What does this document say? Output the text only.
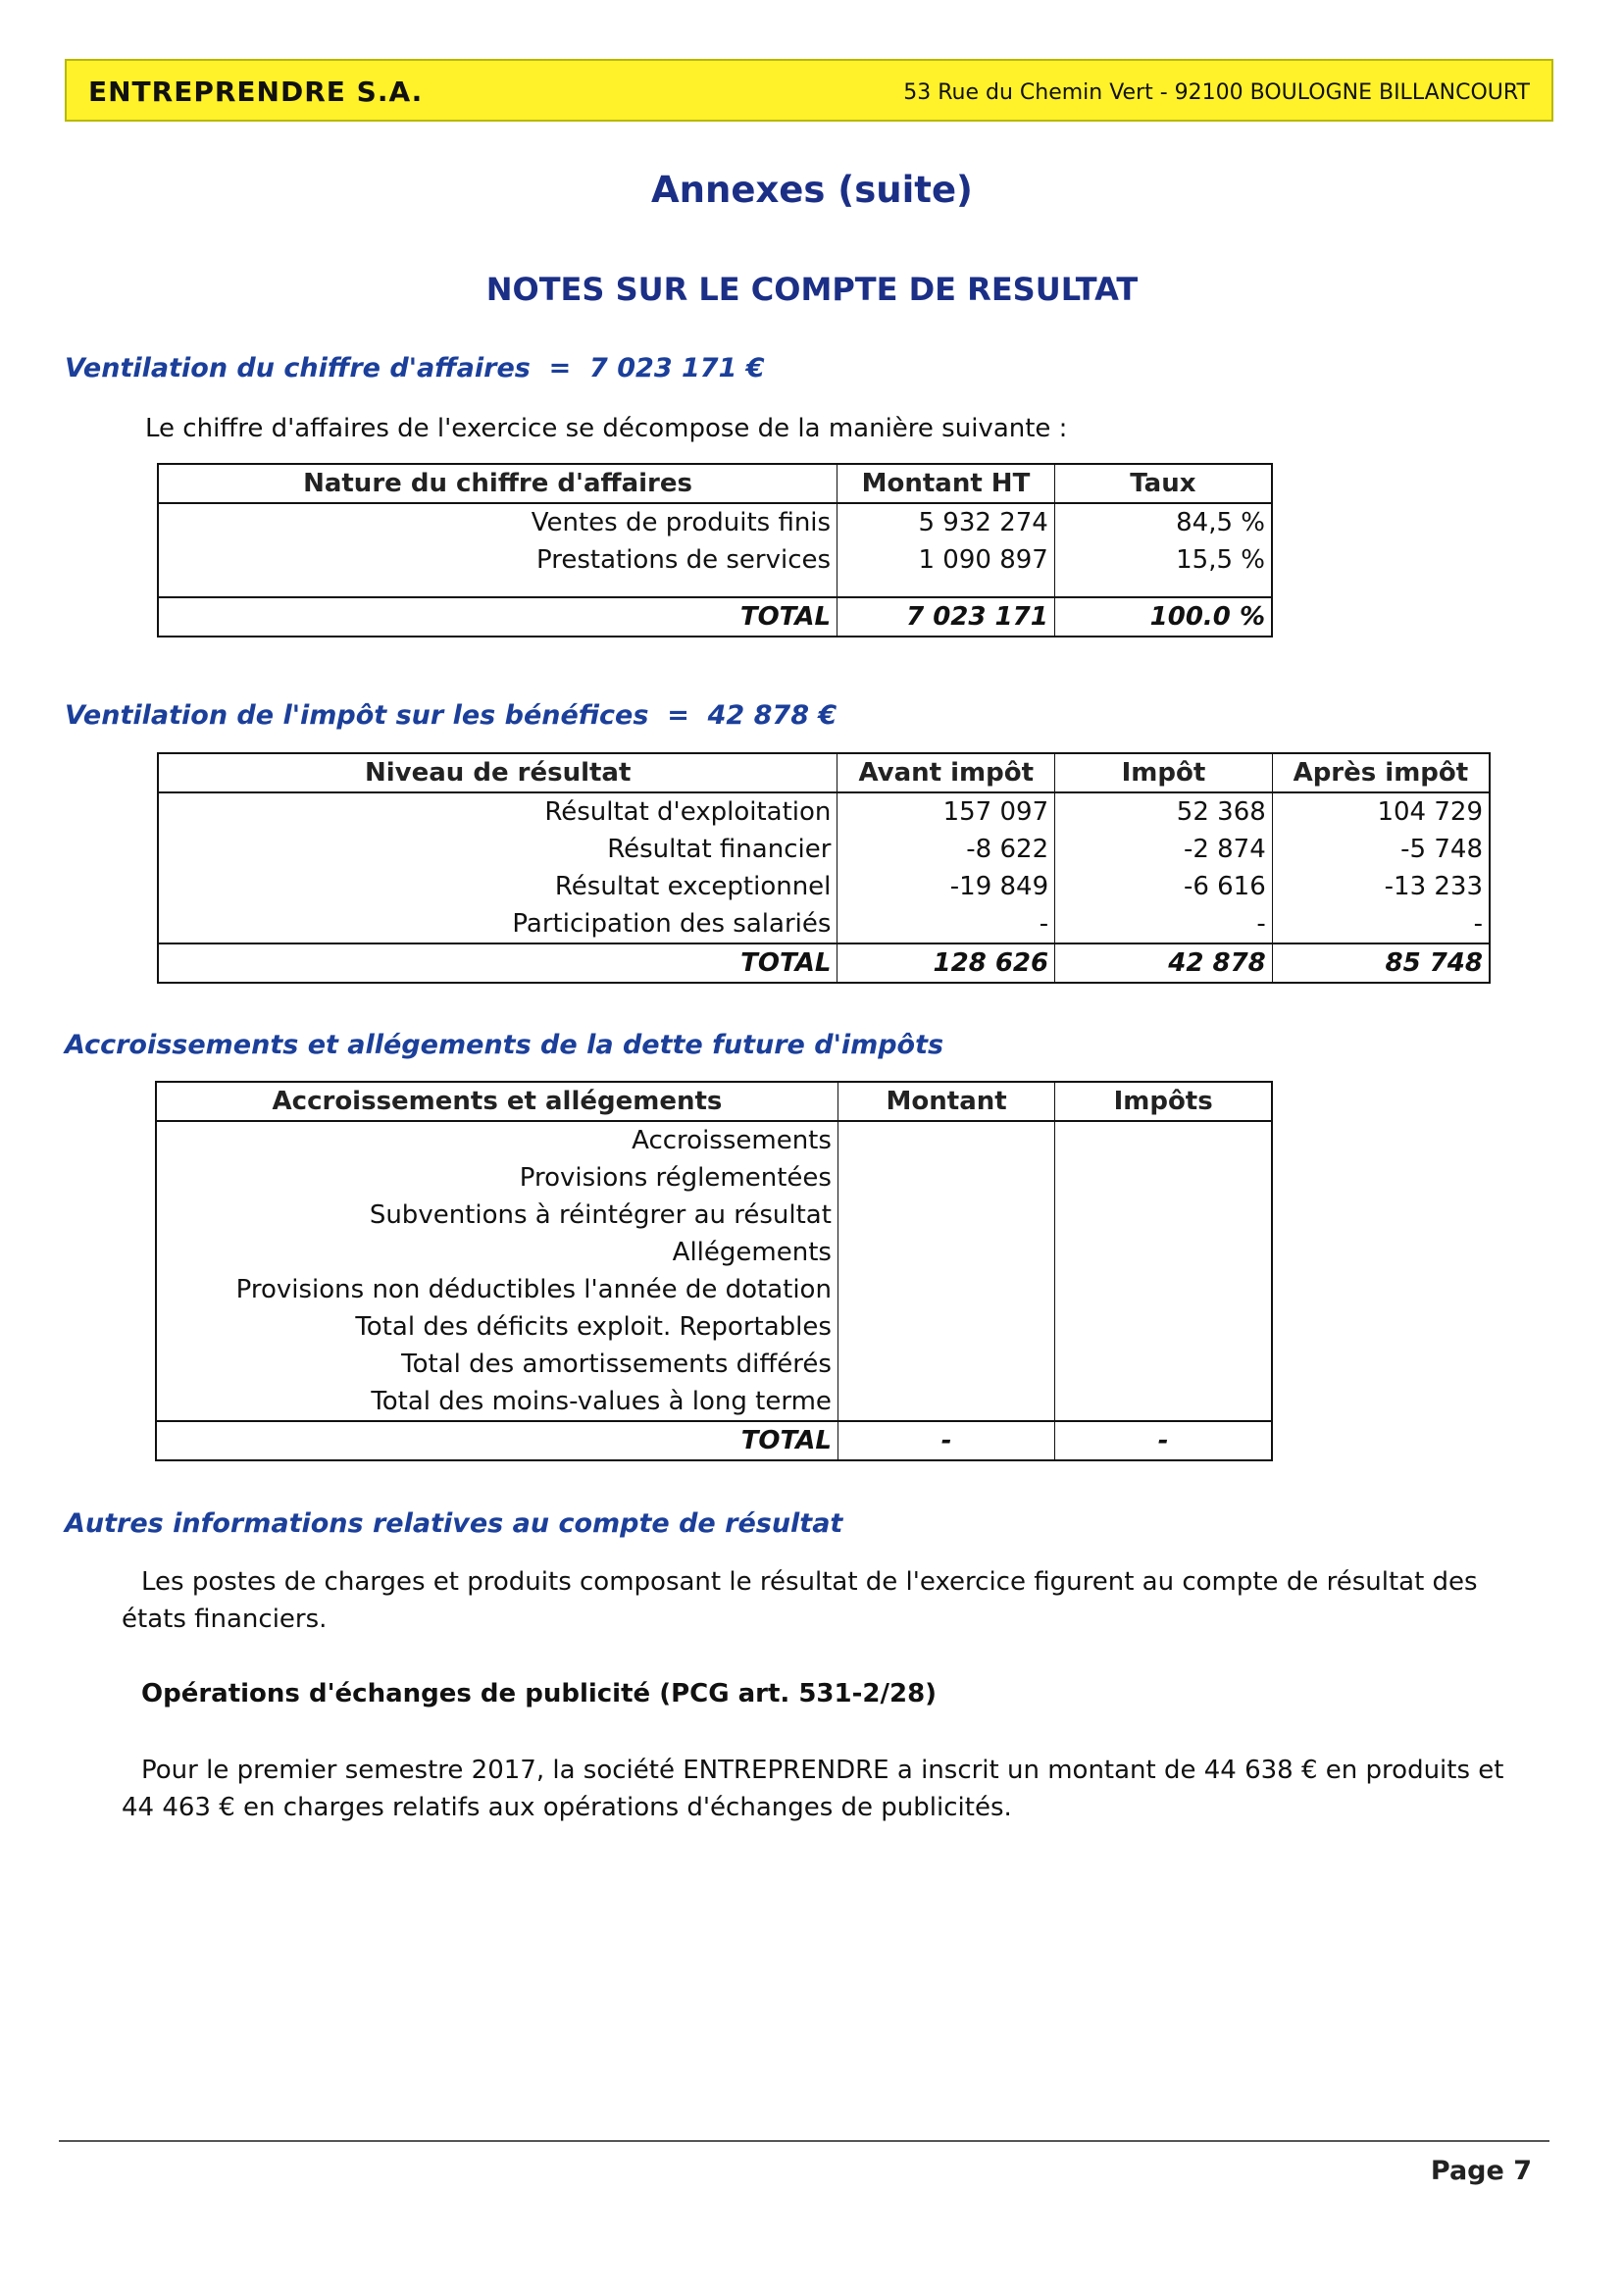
ENTREPRENDRE S.A.	53 Rue du Chemin Vert - 92100 BOULOGNE BILLANCOURT
Annexes (suite)
NOTES SUR LE COMPTE DE RESULTAT
Ventilation du chiffre d'affaires  =  7 023 171 €
Le chiffre d'affaires de l'exercice se décompose de la manière suivante :
Nature du chiffre d'affaires	Montant HT	Taux
Ventes de produits finis	5 932 274	84,5 %
Prestations de services	1 090 897	15,5 %

TOTAL	7 023 171	100.0 %
Ventilation de l'impôt sur les bénéfices  =  42 878 €
Niveau de résultat	Avant impôt	Impôt	Après impôt
Résultat d'exploitation	157 097	52 368	104 729
Résultat financier	-8 622	-2 874	-5 748
Résultat exceptionnel	-19 849	-6 616	-13 233
Participation des salariés	-	-	-
TOTAL	128 626	42 878	85 748
Accroissements et allégements de la dette future d'impôts
Accroissements et allégements	Montant	Impôts
Accroissements		
Provisions réglementées		
Subventions à réintégrer au résultat		
Allégements		
Provisions non déductibles l'année de dotation		
Total des déficits exploit. Reportables		
Total des amortissements différés		
Total des moins-values à long terme		
TOTAL	-	-
Autres informations relatives au compte de résultat
Les postes de charges et produits composant le résultat de l'exercice figurent au compte de résultat des états financiers.
Opérations d'échanges de publicité (PCG art. 531-2/28)
Pour le premier semestre 2017, la société ENTREPRENDRE a inscrit un montant de 44 638 € en produits et 44 463 € en charges relatifs aux opérations d'échanges de publicités.
Page 7
